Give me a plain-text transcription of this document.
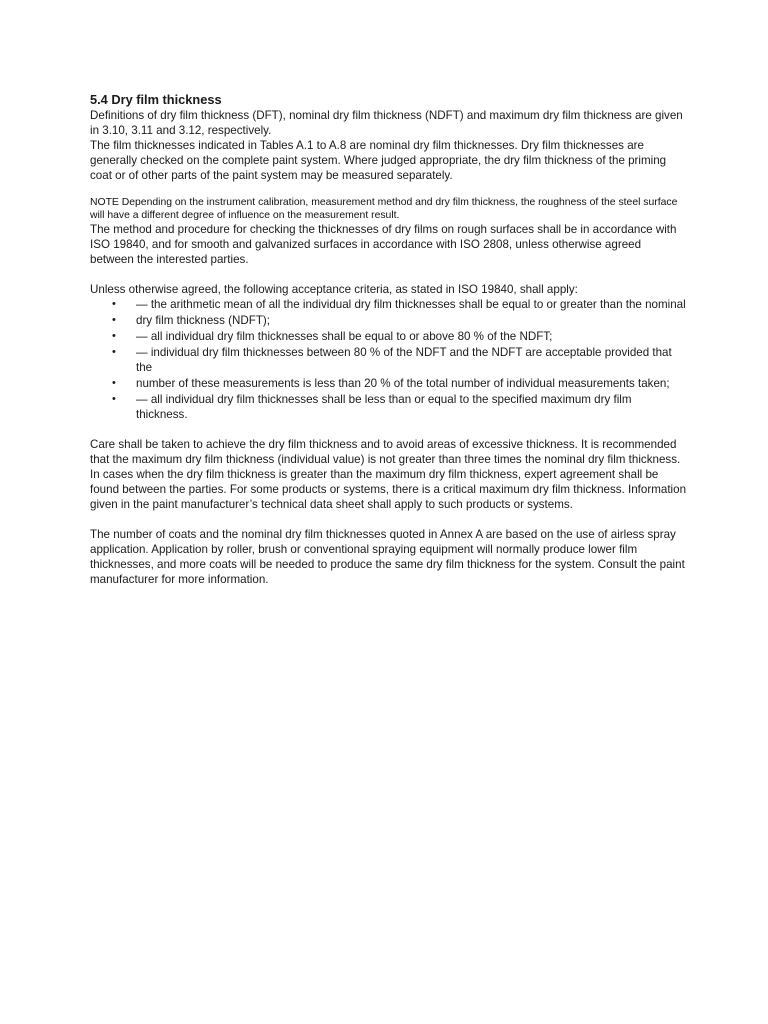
5.4 Dry film thickness

Definitions of dry film thickness (DFT), nominal dry film thickness (NDFT) and maximum dry film thickness are given in 3.10, 3.11 and 3.12, respectively.

The film thicknesses indicated in Tables A.1 to A.8 are nominal dry film thicknesses. Dry film thicknesses are generally checked on the complete paint system. Where judged appropriate, the dry film thickness of the priming coat or of other parts of the paint system may be measured separately.

NOTE Depending on the instrument calibration, measurement method and dry film thickness, the roughness of the steel surface will have a different degree of influence on the measurement result.

The method and procedure for checking the thicknesses of dry films on rough surfaces shall be in accordance with ISO 19840, and for smooth and galvanized surfaces in accordance with ISO 2808, unless otherwise agreed between the interested parties.

Unless otherwise agreed, the following acceptance criteria, as stated in ISO 19840, shall apply:

• — the arithmetic mean of all the individual dry film thicknesses shall be equal to or greater than the nominal
• dry film thickness (NDFT);
• — all individual dry film thicknesses shall be equal to or above 80 % of the NDFT;
• — individual dry film thicknesses between 80 % of the NDFT and the NDFT are acceptable provided that the
• number of these measurements is less than 20 % of the total number of individual measurements taken;
• — all individual dry film thicknesses shall be less than or equal to the specified maximum dry film thickness.

Care shall be taken to achieve the dry film thickness and to avoid areas of excessive thickness. It is recommended that the maximum dry film thickness (individual value) is not greater than three times the nominal dry film thickness. In cases when the dry film thickness is greater than the maximum dry film thickness, expert agreement shall be found between the parties. For some products or systems, there is a critical maximum dry film thickness. Information given in the paint manufacturer’s technical data sheet shall apply to such products or systems.

The number of coats and the nominal dry film thicknesses quoted in Annex A are based on the use of airless spray application. Application by roller, brush or conventional spraying equipment will normally produce lower film thicknesses, and more coats will be needed to produce the same dry film thickness for the system. Consult the paint manufacturer for more information.
